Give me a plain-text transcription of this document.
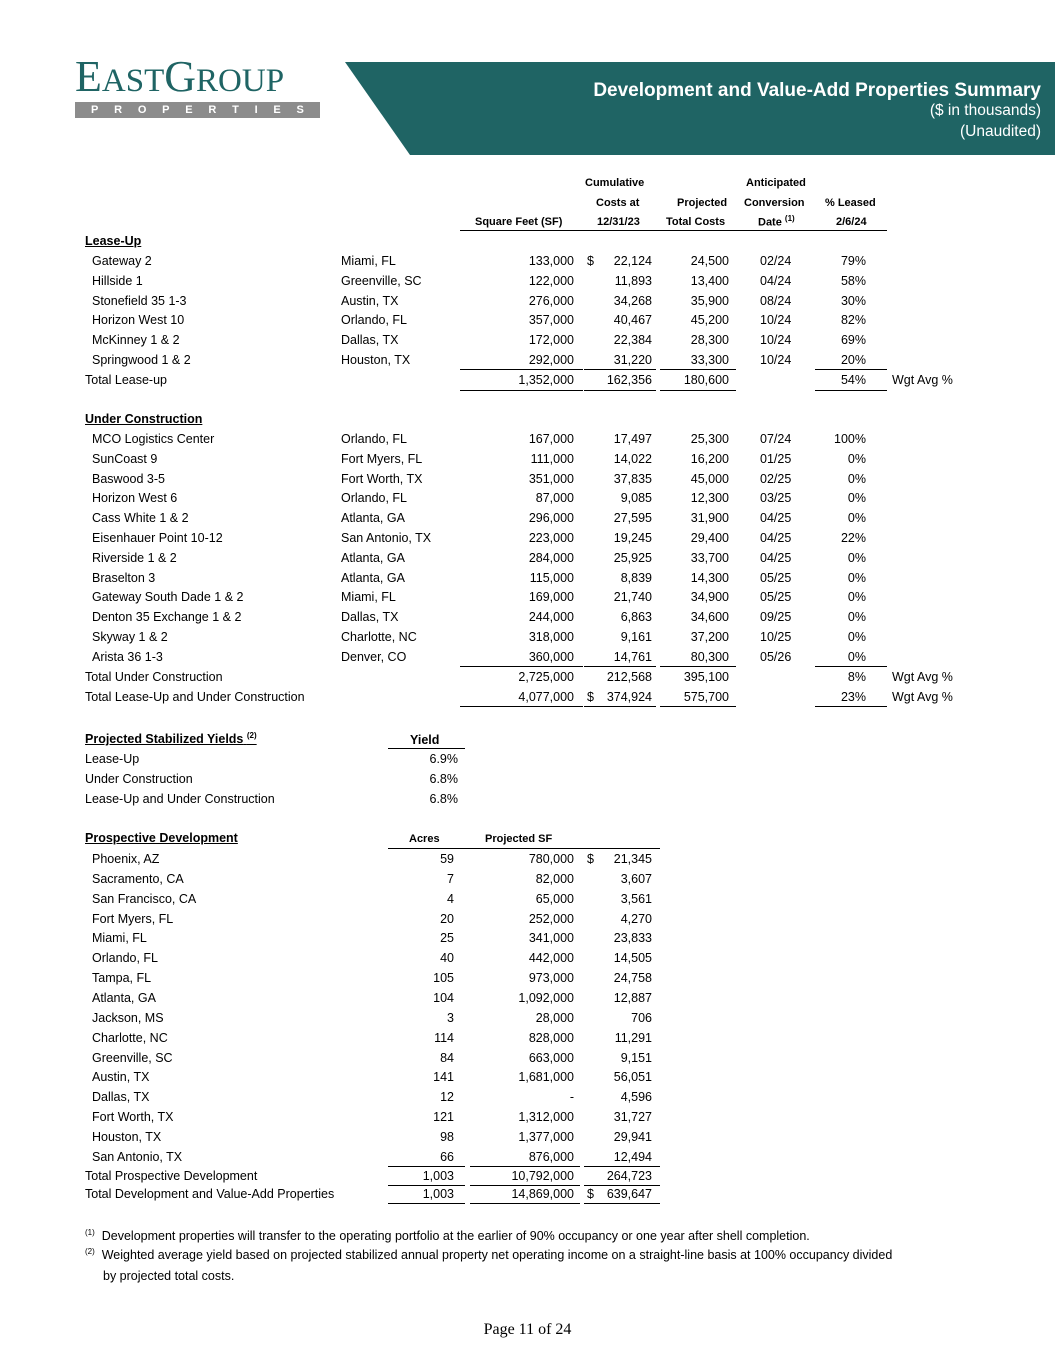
EASTGROUP
P R O P E R T I E S
Development and Value-Add Properties Summary
($ in thousands)
(Unaudited)
Cumulative
Costs at
12/31/23
Square Feet (SF)
Projected
Total Costs
Anticipated
Conversion
Date $^{(1)}$
% Leased
2/6/24
Lease-Up
Gateway 2	Miami, FL	133,000 $ 22,124	24,500 02/24	79%
Hillside 1	Greenville, SC	122,000	11,893	13,400 04/24	58%
Stonefield 35 1-3	Austin, TX	276,000	34,268	35,900 08/24	30%
Horizon West 10	Orlando, FL	357,000	40,467	45,200 10/24	82%
McKinney 1 & 2	Dallas, TX	172,000	22,384	28,300 10/24	69%
Springwood 1 & 2	Houston, TX	292,000	31,220	33,300 10/24	20%
Total Lease-up	1,352,000	162,356	180,600	54% Wgt Avg %
Under Construction
MCO Logistics Center	Orlando, FL	167,000	17,497	25,300 07/24	100%
SunCoast 9	Fort Myers, FL	111,000	14,022	16,200 01/25	0%
Baswood 3-5	Fort Worth, TX	351,000	37,835	45,000 02/25	0%
Horizon West 6	Orlando, FL	87,000	9,085	12,300 03/25	0%
Cass White 1 & 2	Atlanta, GA	296,000	27,595	31,900 04/25	0%
Eisenhauer Point 10-12	San Antonio, TX	223,000	19,245	29,400 04/25	22%
Riverside 1 & 2	Atlanta, GA	284,000	25,925	33,700 04/25	0%
Braselton 3	Atlanta, GA	115,000	8,839	14,300 05/25	0%
Gateway South Dade 1 & 2	Miami, FL	169,000	21,740	34,900 05/25	0%
Denton 35 Exchange 1 & 2	Dallas, TX	244,000	6,863	34,600 09/25	0%
Skyway 1 & 2	Charlotte, NC	318,000	9,161	37,200 10/25	0%
Arista 36 1-3	Denver, CO	360,000	14,761	80,300 05/26	0%
Total Under Construction	2,725,000	212,568	395,100	8% Wgt Avg %
Total Lease-Up and Under Construction	4,077,000 $ 374,924	575,700	23% Wgt Avg %
Projected Stabilized Yields $^{(2)}$	Yield
Lease-Up	6.9%
Under Construction	6.8%
Lease-Up and Under Construction	6.8%
Prospective Development	Acres	Projected SF
Phoenix, AZ	59	780,000 $ 21,345
Sacramento, CA	7	82,000	3,607
San Francisco, CA	4	65,000	3,561
Fort Myers, FL	20	252,000	4,270
Miami, FL	25	341,000	23,833
Orlando, FL	40	442,000	14,505
Tampa, FL	105	973,000	24,758
Atlanta, GA	104	1,092,000	12,887
Jackson, MS	3	28,000	706
Charlotte, NC	114	828,000	11,291
Greenville, SC	84	663,000	9,151
Austin, TX	141	1,681,000	56,051
Dallas, TX	12	-	4,596
Fort Worth, TX	121	1,312,000	31,727
Houston, TX	98	1,377,000	29,941
San Antonio, TX	66	876,000	12,494
Total Prospective Development	1,003	10,792,000	264,723
Total Development and Value-Add Properties	1,003	14,869,000 $ 639,647
$^{(1)}$ Development properties will transfer to the operating portfolio at the earlier of 90% occupancy or one year after shell completion.
$^{(2)}$ Weighted average yield based on projected stabilized annual property net operating income on a straight-line basis at 100% occupancy divided
by projected total costs.
Page 11 of 24
